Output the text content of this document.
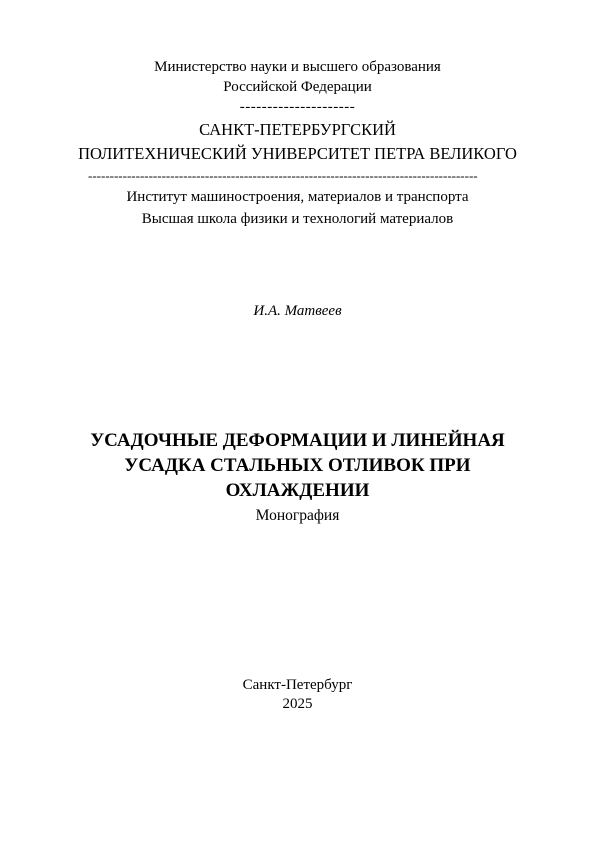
Министерство науки и высшего образования
Российской Федерации
---------------------
САНКТ-ПЕТЕРБУРГСКИЙ
ПОЛИТЕХНИЧЕСКИЙ УНИВЕРСИТЕТ ПЕТРА ВЕЛИКОГО
------------------------------------------------------------------------------------------
Институт машиностроения, материалов и транспорта
Высшая школа физики и технологий материалов
И.А. Матвеев
УСАДОЧНЫЕ ДЕФОРМАЦИИ И ЛИНЕЙНАЯ
УСАДКА СТАЛЬНЫХ ОТЛИВОК ПРИ
ОХЛАЖДЕНИИ
Монография
Санкт-Петербург
2025
